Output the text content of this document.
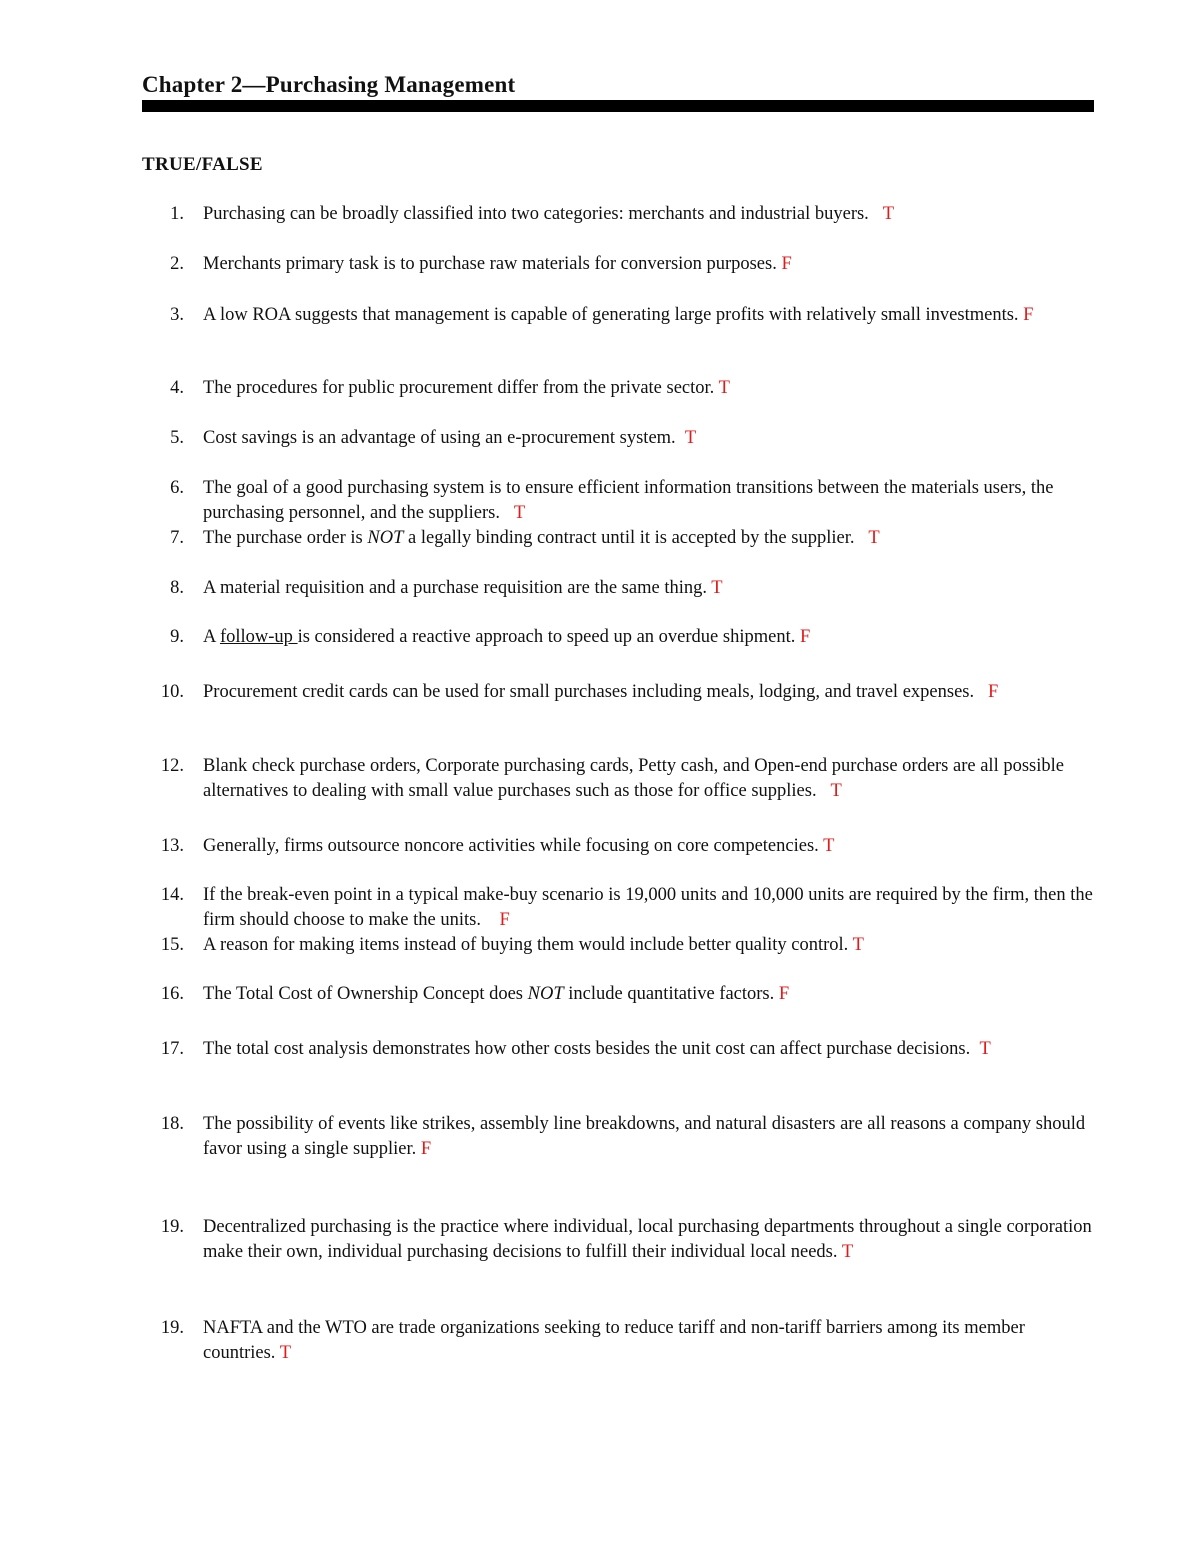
Chapter 2—Purchasing Management
TRUE/FALSE
1. Purchasing can be broadly classified into two categories: merchants and industrial buyers. T
2. Merchants primary task is to purchase raw materials for conversion purposes. F
3. A low ROA suggests that management is capable of generating large profits with relatively small investments. F
4. The procedures for public procurement differ from the private sector. T
5. Cost savings is an advantage of using an e-procurement system. T
6. The goal of a good purchasing system is to ensure efficient information transitions between the materials users, the purchasing personnel, and the suppliers. T
7. The purchase order is NOT a legally binding contract until it is accepted by the supplier. T
8. A material requisition and a purchase requisition are the same thing. T
9. A follow-up is considered a reactive approach to speed up an overdue shipment. F
10. Procurement credit cards can be used for small purchases including meals, lodging, and travel expenses. F
12. Blank check purchase orders, Corporate purchasing cards, Petty cash, and Open-end purchase orders are all possible alternatives to dealing with small value purchases such as those for office supplies. T
13. Generally, firms outsource noncore activities while focusing on core competencies. T
14. If the break-even point in a typical make-buy scenario is 19,000 units and 10,000 units are required by the firm, then the firm should choose to make the units. F
15. A reason for making items instead of buying them would include better quality control. T
16. The Total Cost of Ownership Concept does NOT include quantitative factors. F
17. The total cost analysis demonstrates how other costs besides the unit cost can affect purchase decisions. T
18. The possibility of events like strikes, assembly line breakdowns, and natural disasters are all reasons a company should favor using a single supplier. F
19. Decentralized purchasing is the practice where individual, local purchasing departments throughout a single corporation make their own, individual purchasing decisions to fulfill their individual local needs. T
19. NAFTA and the WTO are trade organizations seeking to reduce tariff and non-tariff barriers among its member countries. T
